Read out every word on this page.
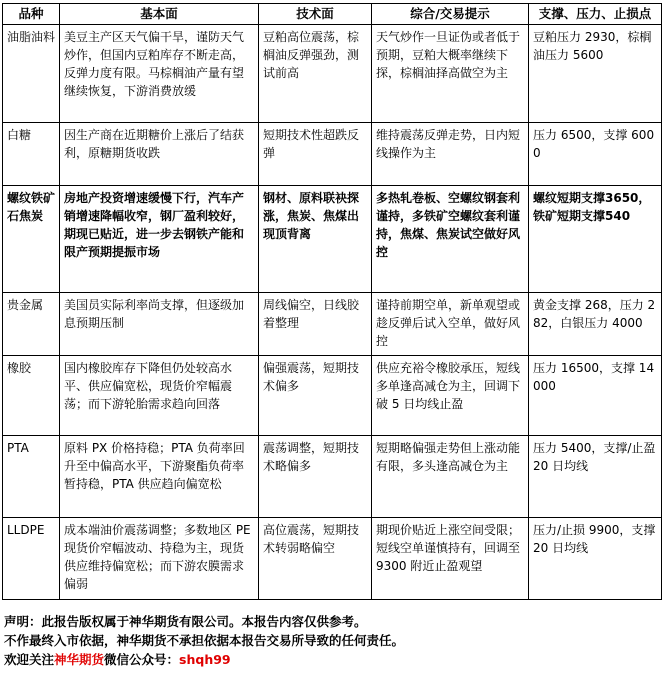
品种	基本面	技术面	综合/交易提示	支撑、压力、止损点
油脂油料	美豆主产区天气偏干旱，谨防天气炒作，但国内豆粕库存不断走高，反弹力度有限。马棕榈油产量有望继续恢复，下游消费放缓	豆粕高位震荡，棕榈油反弹强劲，测试前高	天气炒作一旦证伪或者低于预期，豆粕大概率继续下探，棕榈油择高做空为主	豆粕压力 2930，棕榈油压力 5600
白糖	因生产商在近期糖价上涨后了结获利，原糖期货收跌	短期技术性超跌反弹	维持震荡反弹走势，日内短线操作为主	压力 6500，支撑 6000
螺纹铁矿石焦炭	房地产投资增速缓慢下行，汽车产销增速降幅收窄，钢厂盈利较好，期现已贴近，进一步去钢铁产能和限产预期提振市场	钢材、原料联袂探涨，焦炭、焦煤出现顶背离	多热轧卷板、空螺纹钢套利谨持，多铁矿空螺纹套利谨持，焦煤、焦炭试空做好风控	螺纹短期支撑3650，铁矿短期支撑540
贵金属	美国员实际利率尚支撑，但逐级加息预期压制	周线偏空，日线胶着整理	谨持前期空单，新单观望或趁反弹后试入空单，做好风控	黄金支撑 268，压力 282，白银压力 4000
橡胶	国内橡胶库存下降但仍处较高水平、供应偏宽松，现货价窄幅震荡；而下游轮胎需求趋向回落	偏强震荡，短期技术偏多	供应充裕令橡胶承压，短线多单逢高减仓为主，回调下破 5 日均线止盈	压力 16500，支撑 14000
PTA	原料 PX 价格持稳；PTA 负荷率回升至中偏高水平，下游聚酯负荷率暂持稳，PTA 供应趋向偏宽松	震荡调整，短期技术略偏多	短期略偏强走势但上涨动能有限，多头逢高减仓为主	压力 5400，支撑/止盈 20 日均线
LLDPE	成本端油价震荡调整；多数地区 PE 现货价窄幅波动、持稳为主，现货供应维持偏宽松；而下游农膜需求偏弱	高位震荡，短期技术转弱略偏空	期现价贴近上涨空间受限；短线空单谨慎持有，回调至 9300 附近止盈观望	压力/止损 9900，支撑 20 日均线
声明：此报告版权属于神华期货有限公司。本报告内容仅供参考。
不作最终入市依据，神华期货不承担依据本报告交易所导致的任何责任。
欢迎关注神华期货微信公众号：shqh99
